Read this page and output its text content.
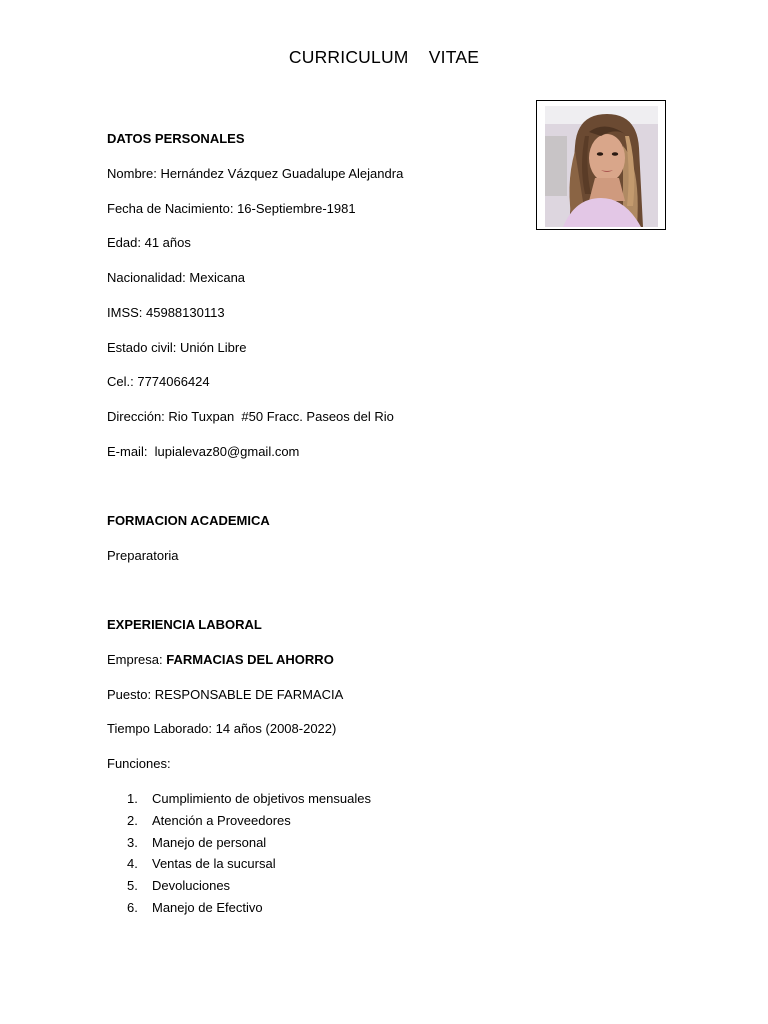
CURRICULUM    VITAE
DATOS PERSONALES
Nombre: Hernández Vázquez Guadalupe Alejandra
Fecha de Nacimiento: 16-Septiembre-1981
Edad: 41 años
Nacionalidad: Mexicana
IMSS: 45988130113
Estado civil: Unión Libre
Cel.: 7774066424
Dirección: Rio Tuxpan  #50 Fracc. Paseos del Rio
E-mail:  lupialevaz80@gmail.com
FORMACION ACADEMICA
Preparatoria
EXPERIENCIA LABORAL
Empresa: FARMACIAS DEL AHORRO
Puesto: RESPONSABLE DE FARMACIA
Tiempo Laborado: 14 años (2008-2022)
Funciones:
1. Cumplimiento de objetivos mensuales
2. Atención a Proveedores
3. Manejo de personal
4. Ventas de la sucursal
5. Devoluciones
6. Manejo de Efectivo
